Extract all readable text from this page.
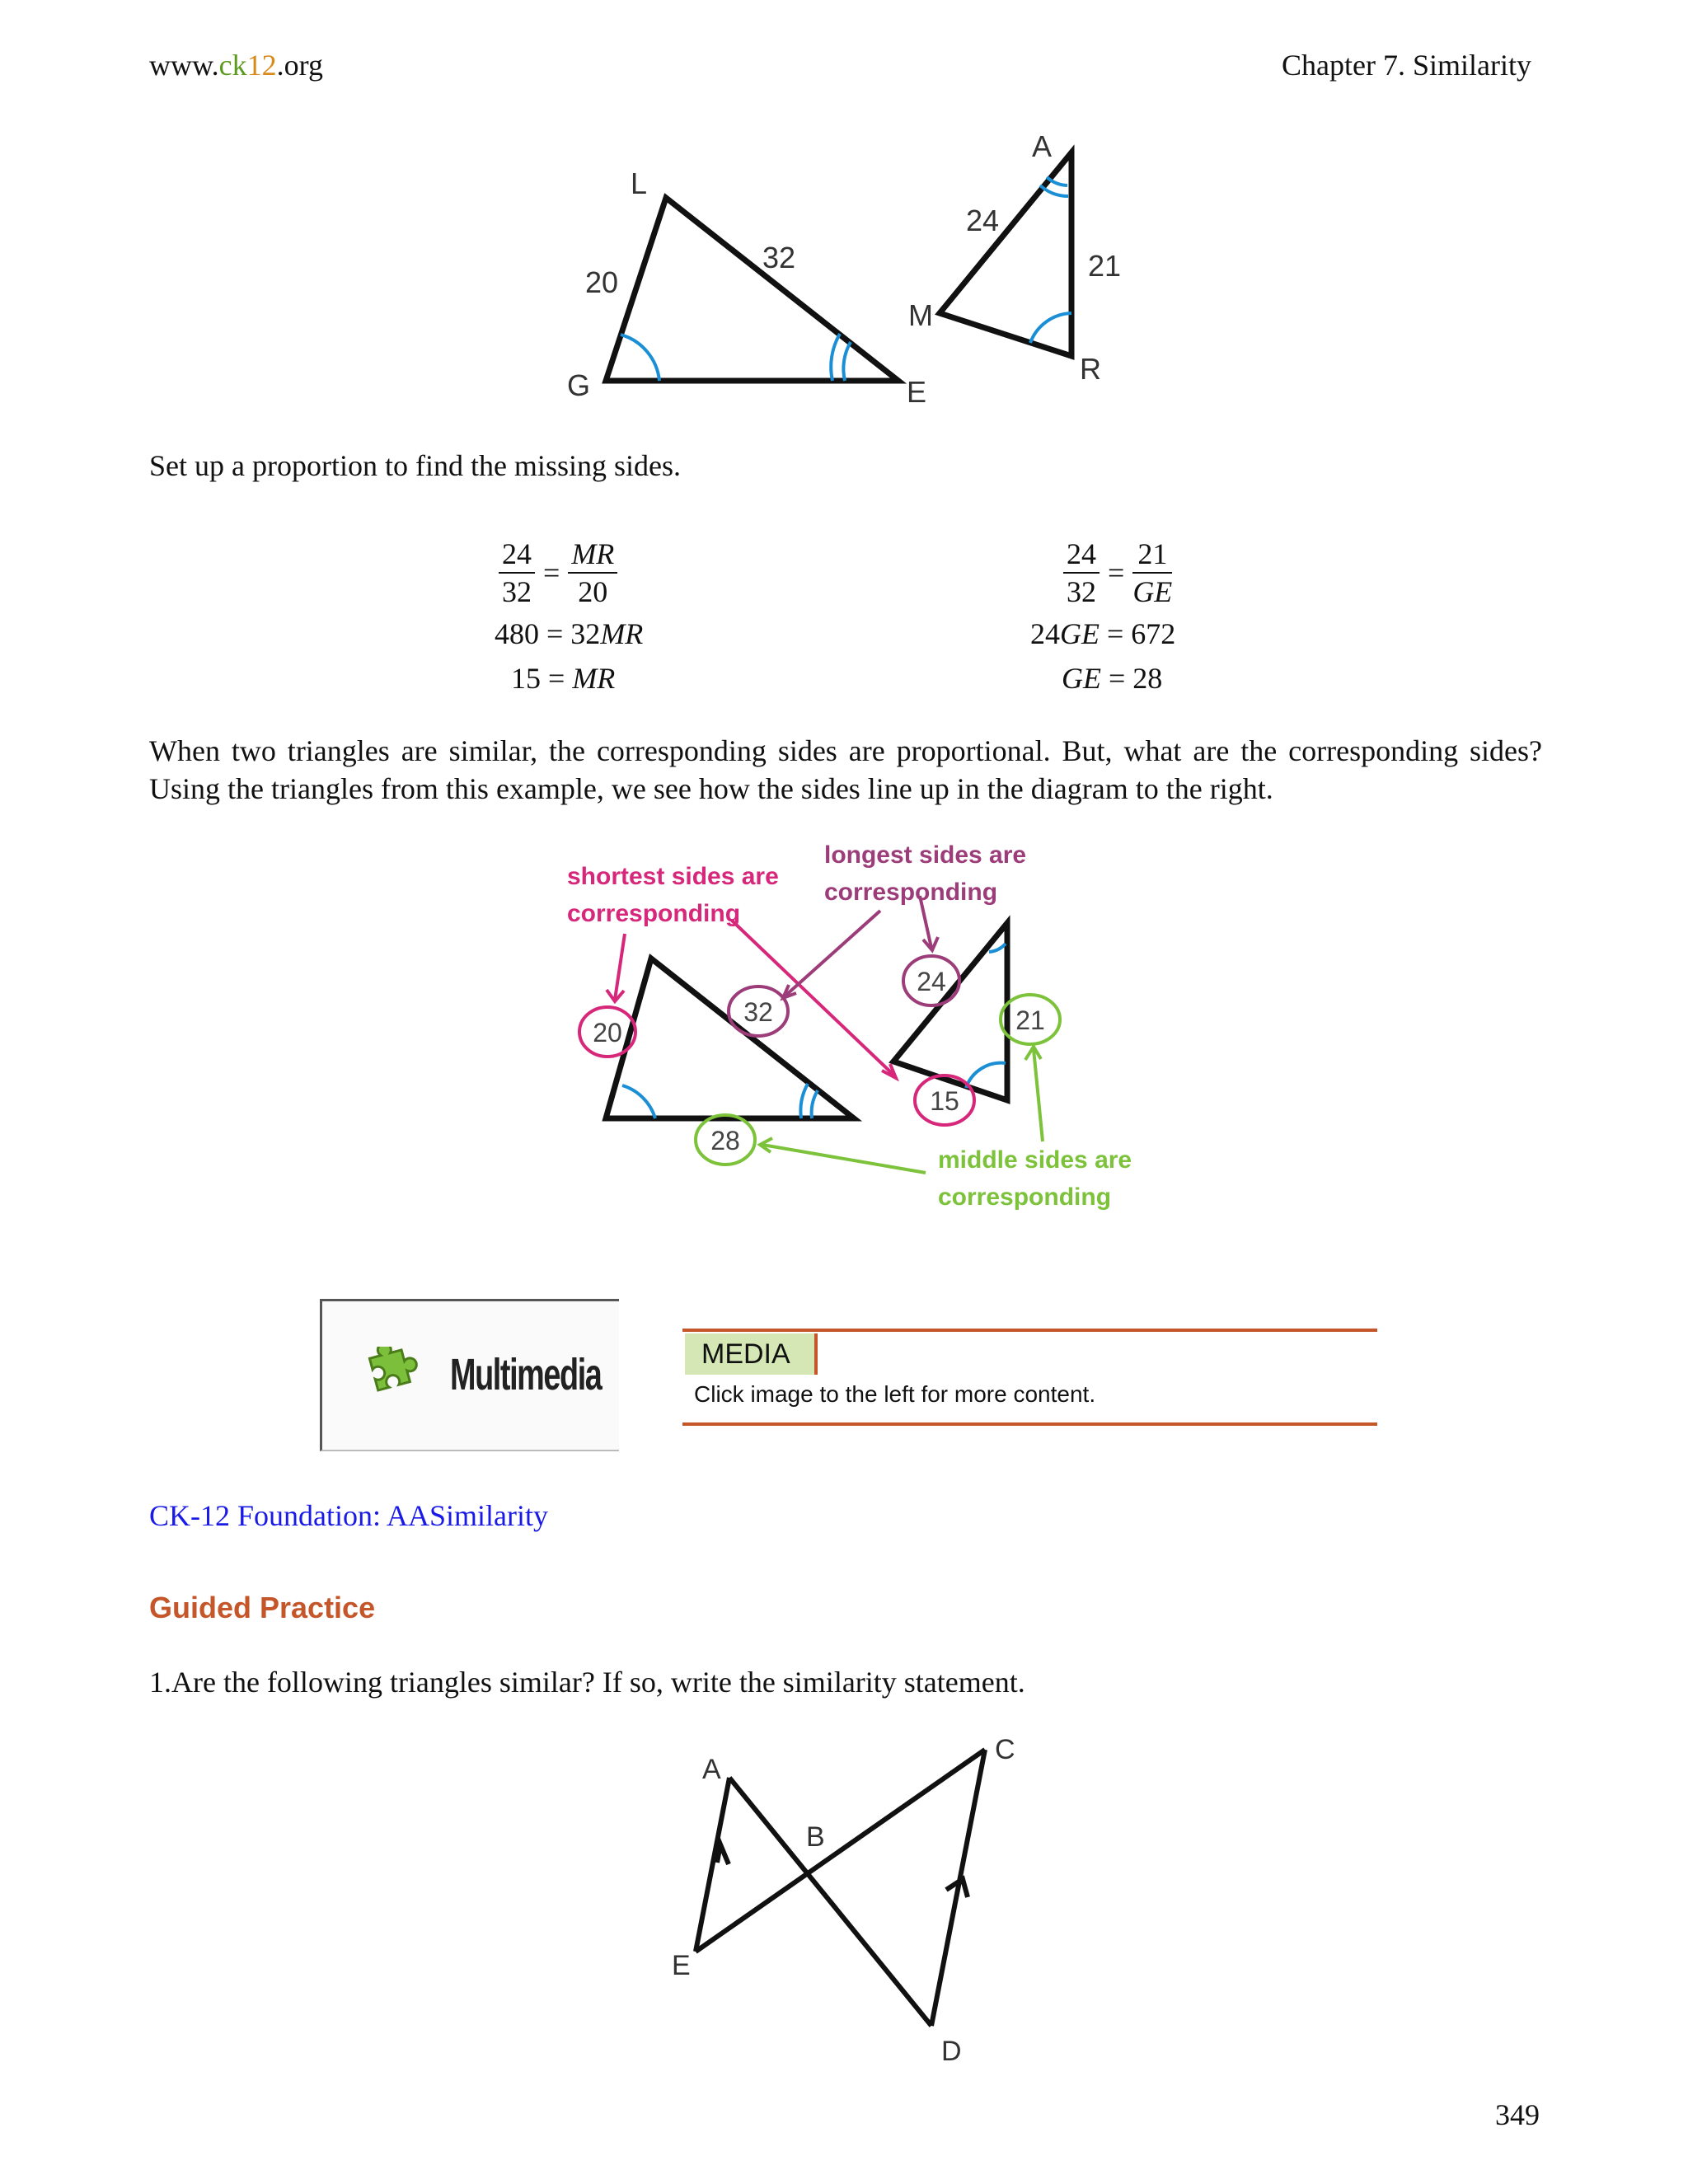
www.ck12.org	Chapter 7. Similarity
L
G	E
A
M
R
20
32
24
21
Set up a proportion to find the missing sides.
$\frac{24}{32} = \frac{MR}{20}$
480 = 32MR
15 = MR
$\frac{24}{32} = \frac{21}{GE}$
24GE = 672
GE = 28
When two triangles are similar, the corresponding sides are proportional. But, what are the corresponding sides? Using the triangles from this example, we see how the sides line up in the diagram to the right.
20
32
24
21
15
28
shortest sides are
corresponding
longest sides are
corresponding
middle sides are
corresponding
Multimedia	MEDIA
Click image to the left for more content.
CK-12 Foundation: AASimilarity
Guided Practice
1.Are the following triangles similar? If so, write the similarity statement.
A
B
C
D
E
349
